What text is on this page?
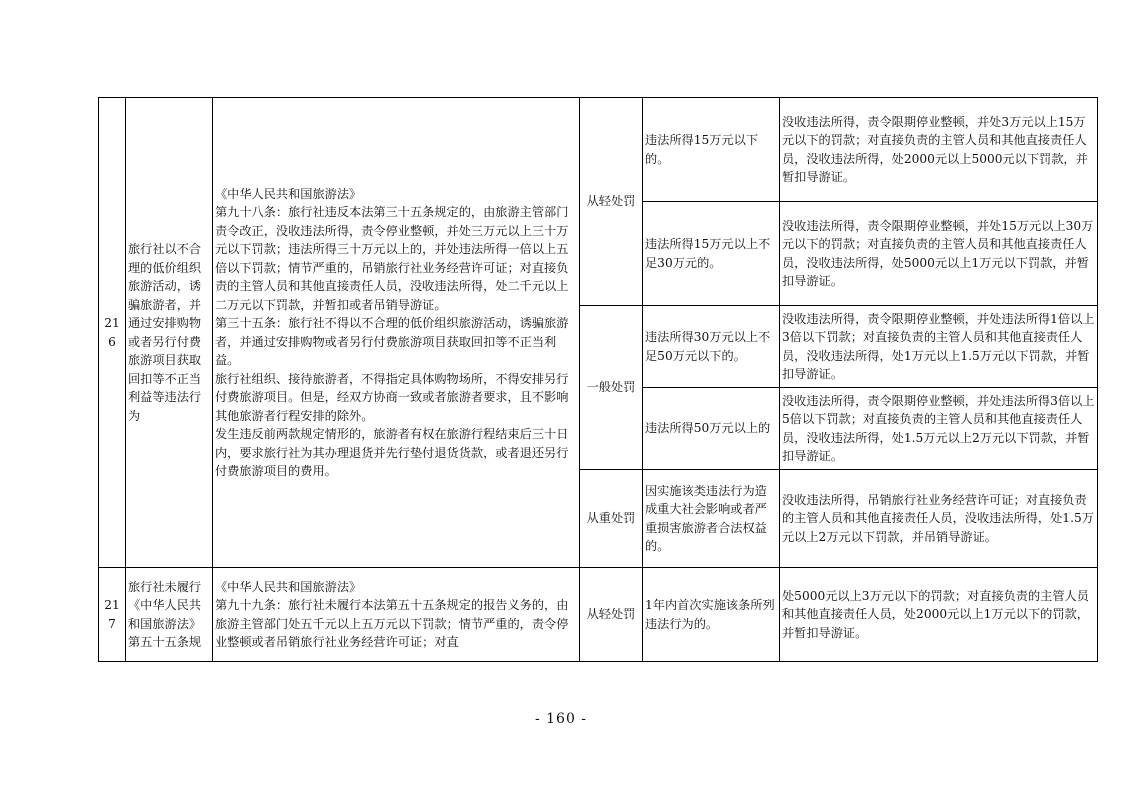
216	旅行社以不合理的低价组织旅游活动，诱骗旅游者，并通过安排购物或者另行付费旅游项目获取回扣等不正当利益等违法行为	《中华人民共和国旅游法》

第九十八条：旅行社违反本法第三十五条规定的，由旅游主管部门责令改正，没收违法所得，责令停业整顿，并处三万元以上三十万元以下罚款；违法所得三十万元以上的，并处违法所得一倍以上五倍以下罚款；情节严重的，吊销旅行社业务经营许可证；对直接负责的主管人员和其他直接责任人员，没收违法所得，处二千元以上二万元以下罚款，并暂扣或者吊销导游证。

第三十五条：旅行社不得以不合理的低价组织旅游活动，诱骗旅游者，并通过安排购物或者另行付费旅游项目获取回扣等不正当利益。

旅行社组织、接待旅游者，不得指定具体购物场所，不得安排另行付费旅游项目。但是，经双方协商一致或者旅游者要求，且不影响其他旅游者行程安排的除外。

发生违反前两款规定情形的，旅游者有权在旅游行程结束后三十日内，要求旅行社为其办理退货并先行垫付退货货款，或者退还另行付费旅游项目的费用。	从轻处罚	违法所得15万元以下的。	没收违法所得，责令限期停业整顿，并处3万元以上15万元以下的罚款；对直接负责的主管人员和其他直接责任人员，没收违法所得，处2000元以上5000元以下罚款，并暂扣导游证。
				违法所得15万元以上不足30万元的。	没收违法所得，责令限期停业整顿，并处15万元以上30万元以下的罚款；对直接负责的主管人员和其他直接责任人员，没收违法所得，处5000元以上1万元以下罚款，并暂扣导游证。
			一般处罚	违法所得30万元以上不足50万元以下的。	没收违法所得，责令限期停业整顿，并处违法所得1倍以上3倍以下罚款；对直接负责的主管人员和其他直接责任人员，没收违法所得，处1万元以上1.5万元以下罚款，并暂扣导游证。
				违法所得50万元以上的	没收违法所得，责令限期停业整顿，并处违法所得3倍以上5倍以下罚款；对直接负责的主管人员和其他直接责任人员，没收违法所得，处1.5万元以上2万元以下罚款，并暂扣导游证。
			从重处罚	因实施该类违法行为造成重大社会影响或者严重损害旅游者合法权益的。	没收违法所得，吊销旅行社业务经营许可证；对直接负责的主管人员和其他直接责任人员，没收违法所得，处1.5万元以上2万元以下罚款，并吊销导游证。
217	旅行社未履行《中华人民共和国旅游法》第五十五条规	《中华人民共和国旅游法》

第九十九条：旅行社未履行本法第五十五条规定的报告义务的，由旅游主管部门处五千元以上五万元以下罚款；情节严重的，责令停业整顿或者吊销旅行社业务经营许可证；对直	从轻处罚	1年内首次实施该条所列违法行为的。	处5000元以上3万元以下的罚款；对直接负责的主管人员和其他直接责任人员，处2000元以上1万元以下的罚款，并暂扣导游证。
- 160 -
